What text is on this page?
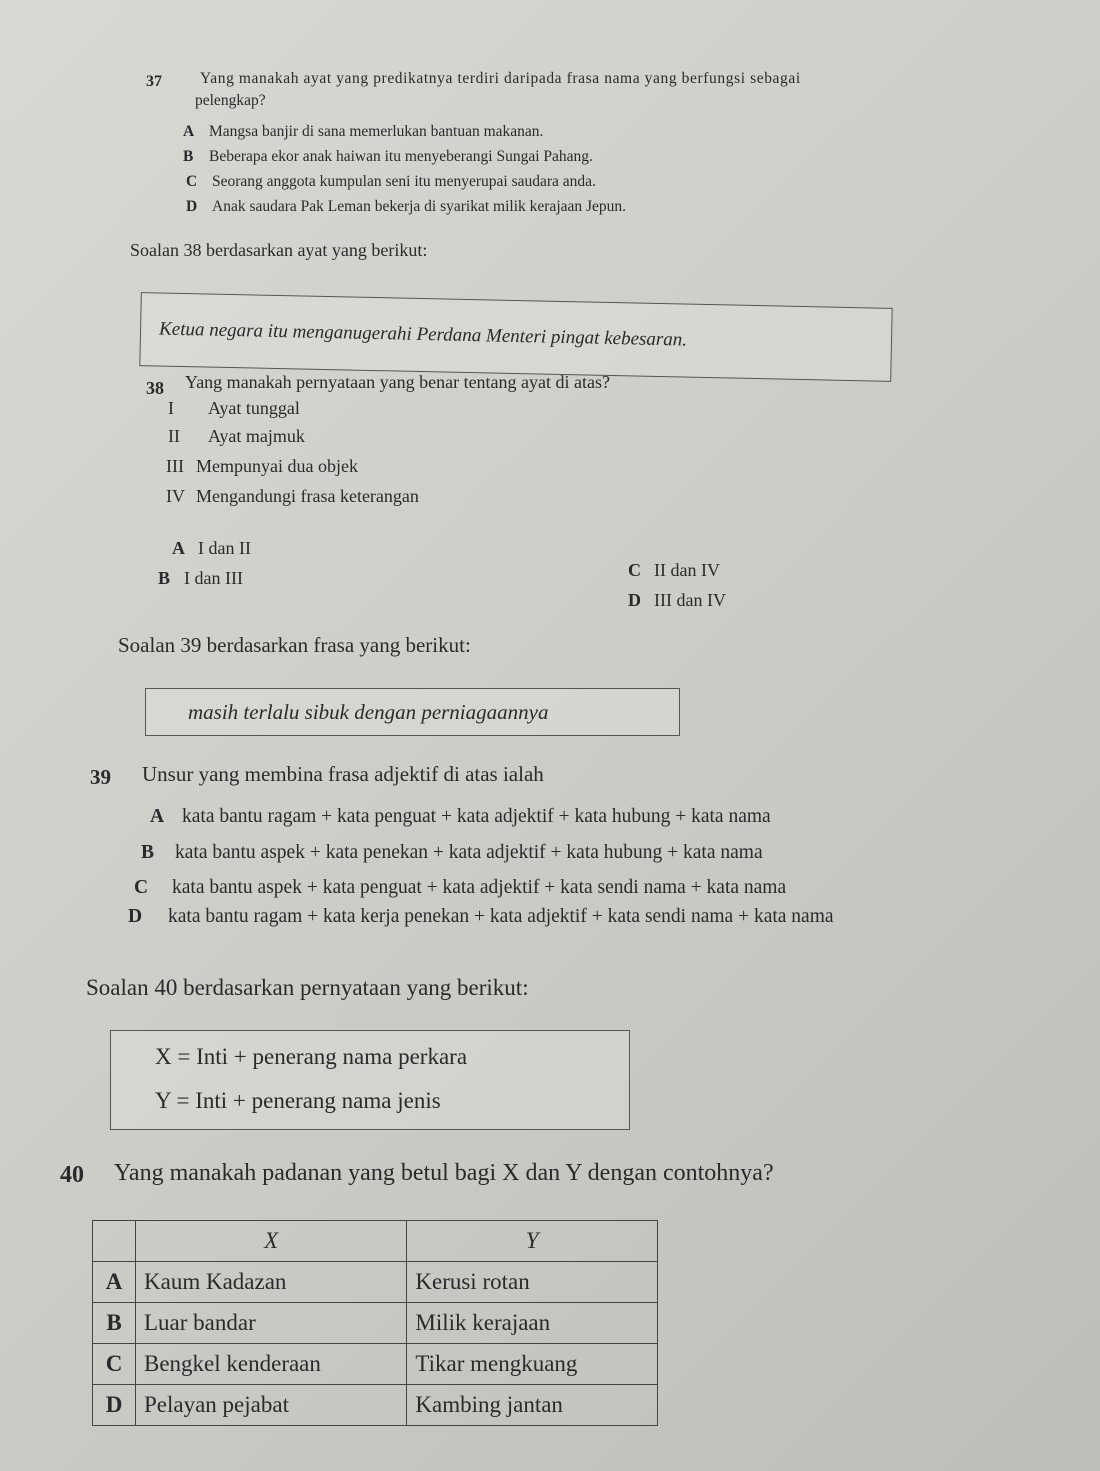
37 Yang manakah ayat yang predikatnya terdiri daripada frasa nama yang berfungsi sebagai
pelengkap?
A Mangsa banjir di sana memerlukan bantuan makanan.
B Beberapa ekor anak haiwan itu menyeberangi Sungai Pahang.
C Seorang anggota kumpulan seni itu menyerupai saudara anda.
D Anak saudara Pak Leman bekerja di syarikat milik kerajaan Jepun.
Soalan 38 berdasarkan ayat yang berikut:
Ketua negara itu menganugerahi Perdana Menteri pingat kebesaran.
38 Yang manakah pernyataan yang benar tentang ayat di atas?
I Ayat tunggal
II Ayat majmuk
III Mempunyai dua objek
IV Mengandungi frasa keterangan
A I dan II
B I dan III	C II dan IV
D III dan IV
Soalan 39 berdasarkan frasa yang berikut:
masih terlalu sibuk dengan perniagaannya
39 Unsur yang membina frasa adjektif di atas ialah
A kata bantu ragam + kata penguat + kata adjektif + kata hubung + kata nama
B kata bantu aspek + kata penekan + kata adjektif + kata hubung + kata nama
C kata bantu aspek + kata penguat + kata adjektif + kata sendi nama + kata nama
D kata bantu ragam + kata kerja penekan + kata adjektif + kata sendi nama + kata nama
Soalan 40 berdasarkan pernyataan yang berikut:
X = Inti + penerang nama perkara
Y = Inti + penerang nama jenis
40 Yang manakah padanan yang betul bagi X dan Y dengan contohnya?
	X	Y
A	Kaum Kadazan	Kerusi rotan
B	Luar bandar	Milik kerajaan
C	Bengkel kenderaan	Tikar mengkuang
D	Pelayan pejabat	Kambing jantan
